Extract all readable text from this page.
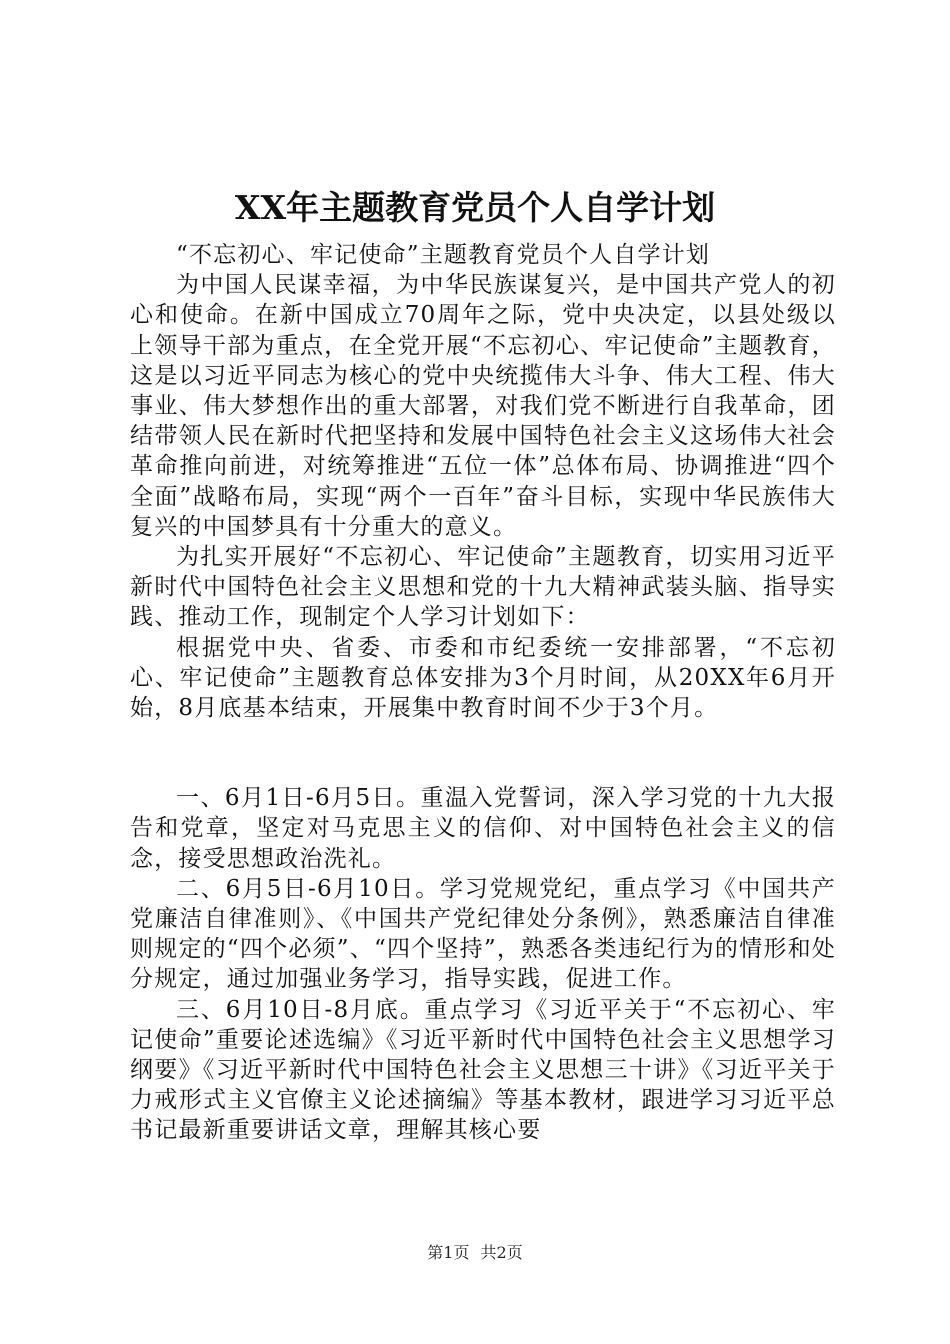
XX年主题教育党员个人自学计划

“不忘初心、牢记使命”主题教育党员个人自学计划

为中国人民谋幸福，为中华民族谋复兴，是中国共产党人的初心和使命。在新中国成立70周年之际，党中央决定，以县处级以上领导干部为重点，在全党开展“不忘初心、牢记使命”主题教育，这是以习近平同志为核心的党中央统揽伟大斗争、伟大工程、伟大事业、伟大梦想作出的重大部署，对我们党不断进行自我革命，团结带领人民在新时代把坚持和发展中国特色社会主义这场伟大社会革命推向前进，对统筹推进“五位一体”总体布局、协调推进“四个全面”战略布局，实现“两个一百年”奋斗目标，实现中华民族伟大复兴的中国梦具有十分重大的意义。

为扎实开展好“不忘初心、牢记使命”主题教育，切实用习近平新时代中国特色社会主义思想和党的十九大精神武装头脑、指导实践、推动工作，现制定个人学习计划如下：

根据党中央、省委、市委和市纪委统一安排部署，“不忘初心、牢记使命”主题教育总体安排为3个月时间，从20XX年6月开始，8月底基本结束，开展集中教育时间不少于3个月。

一、6月1日-6月5日。重温入党誓词，深入学习党的十九大报告和党章，坚定对马克思主义的信仰、对中国特色社会主义的信念，接受思想政治洗礼。

二、6月5日-6月10日。学习党规党纪，重点学习《中国共产党廉洁自律准则》、《中国共产党纪律处分条例》，熟悉廉洁自律准则规定的“四个必须”、“四个坚持”，熟悉各类违纪行为的情形和处分规定，通过加强业务学习，指导实践，促进工作。

三、6月10日-8月底。重点学习《习近平关于“不忘初心、牢记使命”重要论述选编》《习近平新时代中国特色社会主义思想学习纲要》《习近平新时代中国特色社会主义思想三十讲》《习近平关于力戒形式主义官僚主义论述摘编》等基本教材，跟进学习习近平总书记最新重要讲话文章，理解其核心要

第1页 共2页
